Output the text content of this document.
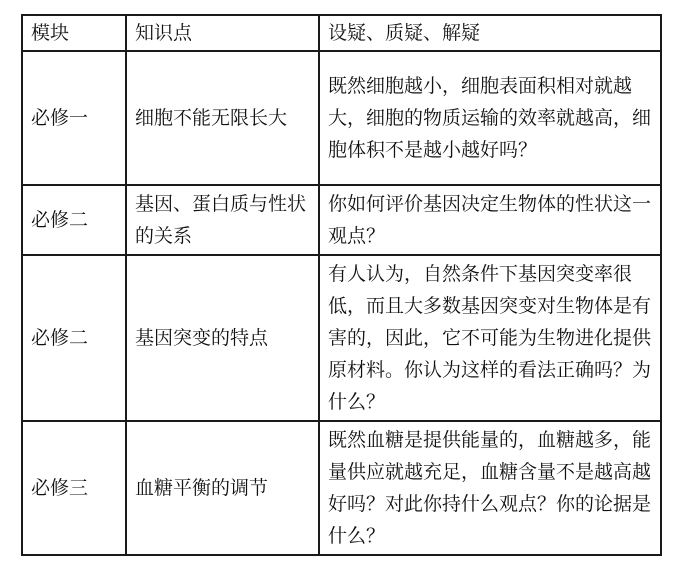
模块	知识点	设疑、质疑、解疑
必修一	细胞不能无限长大	既然细胞越小，细胞表面积相对就越大，细胞的物质运输的效率就越高，细胞体积不是越小越好吗？
必修二	基因、蛋白质与性状的关系	你如何评价基因决定生物体的性状这一观点？
必修二	基因突变的特点	有人认为，自然条件下基因突变率很低，而且大多数基因突变对生物体是有害的，因此，它不可能为生物进化提供原材料。你认为这样的看法正确吗？为什么？
必修三	血糖平衡的调节	既然血糖是提供能量的，血糖越多，能量供应就越充足，血糖含量不是越高越好吗？对此你持什么观点？你的论据是什么？
